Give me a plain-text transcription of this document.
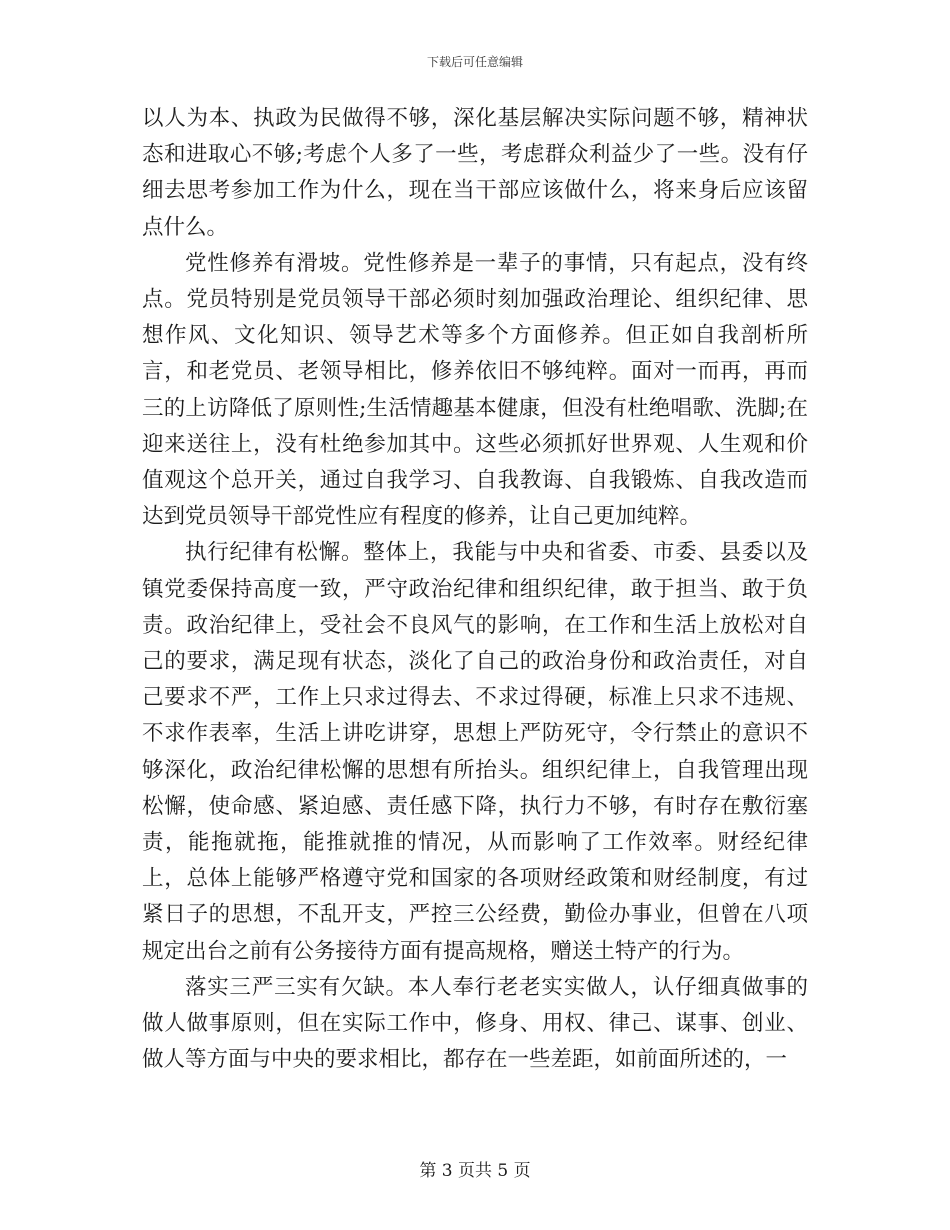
下载后可任意编辑

以人为本、执政为民做得不够，深化基层解决实际问题不够，精神状态和进取心不够;考虑个人多了一些，考虑群众利益少了一些。没有仔细去思考参加工作为什么，现在当干部应该做什么，将来身后应该留点什么。

党性修养有滑坡。党性修养是一辈子的事情，只有起点，没有终点。党员特别是党员领导干部必须时刻加强政治理论、组织纪律、思想作风、文化知识、领导艺术等多个方面修养。但正如自我剖析所言，和老党员、老领导相比，修养依旧不够纯粹。面对一而再，再而三的上访降低了原则性;生活情趣基本健康，但没有杜绝唱歌、洗脚;在迎来送往上，没有杜绝参加其中。这些必须抓好世界观、人生观和价值观这个总开关，通过自我学习、自我教诲、自我锻炼、自我改造而达到党员领导干部党性应有程度的修养，让自己更加纯粹。

执行纪律有松懈。整体上，我能与中央和省委、市委、县委以及镇党委保持高度一致，严守政治纪律和组织纪律，敢于担当、敢于负责。政治纪律上，受社会不良风气的影响，在工作和生活上放松对自己的要求，满足现有状态，淡化了自己的政治身份和政治责任，对自己要求不严，工作上只求过得去、不求过得硬，标准上只求不违规、不求作表率，生活上讲吃讲穿，思想上严防死守，令行禁止的意识不够深化，政治纪律松懈的思想有所抬头。组织纪律上，自我管理出现松懈，使命感、紧迫感、责任感下降，执行力不够，有时存在敷衍塞责，能拖就拖，能推就推的情况，从而影响了工作效率。财经纪律上，总体上能够严格遵守党和国家的各项财经政策和财经制度，有过紧日子的思想，不乱开支，严控三公经费，勤俭办事业，但曾在八项规定出台之前有公务接待方面有提高规格，赠送土特产的行为。

落实三严三实有欠缺。本人奉行老老实实做人，认仔细真做事的做人做事原则，但在实际工作中，修身、用权、律己、谋事、创业、做人等方面与中央的要求相比，都存在一些差距，如前面所述的，一

第 3 页共 5 页
